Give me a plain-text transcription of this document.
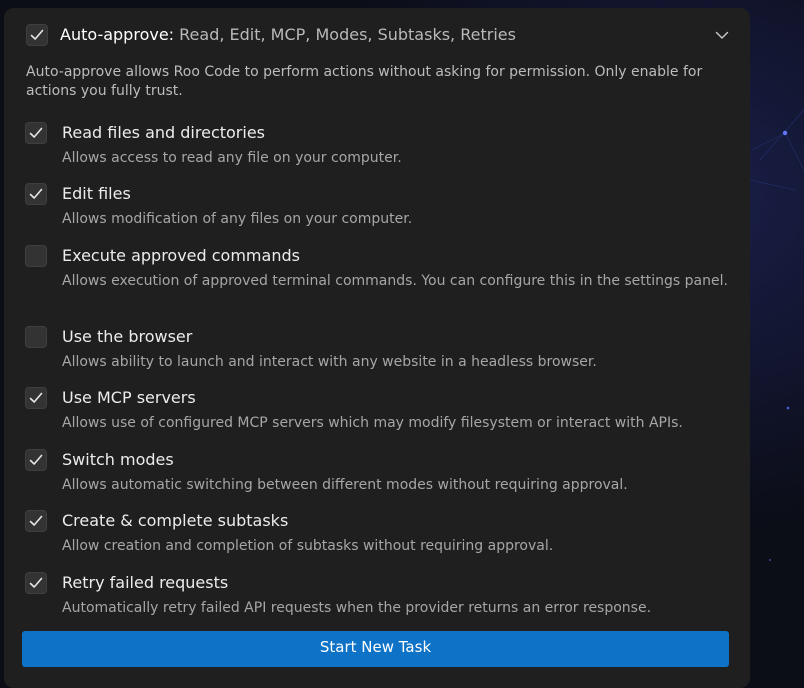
Auto-approve: Read, Edit, MCP, Modes, Subtasks, Retries
Auto-approve allows Roo Code to perform actions without asking for permission. Only enable for actions you fully trust.
Read files and directories
Allows access to read any file on your computer.
Edit files
Allows modification of any files on your computer.
Execute approved commands
Allows execution of approved terminal commands. You can configure this in the settings panel.
Use the browser
Allows ability to launch and interact with any website in a headless browser.
Use MCP servers
Allows use of configured MCP servers which may modify filesystem or interact with APIs.
Switch modes
Allows automatic switching between different modes without requiring approval.
Create & complete subtasks
Allow creation and completion of subtasks without requiring approval.
Retry failed requests
Automatically retry failed API requests when the provider returns an error response.
Start New Task
